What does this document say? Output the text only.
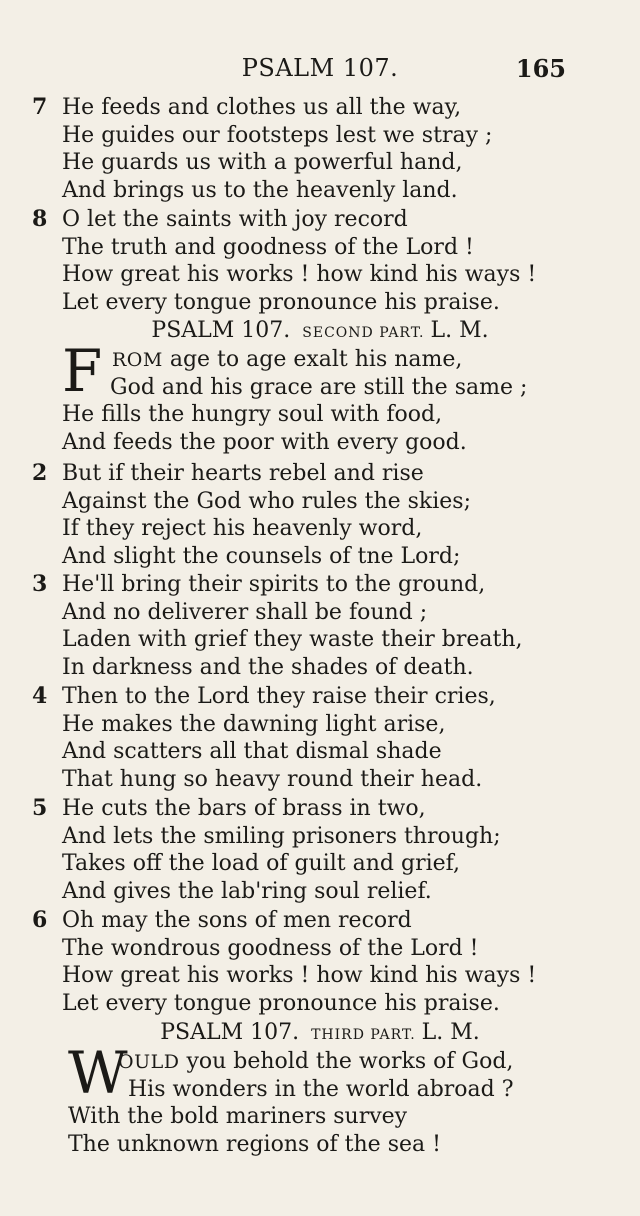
PSALM 107.	165
7 He feeds and clothes us all the way,
He guides our footsteps lest we stray ;
He guards us with a powerful hand,
And brings us to the heavenly land.
8 O let the saints with joy record
The truth and goodness of the Lord !
How great his works ! how kind his ways !
Let every tongue pronounce his praise.
PSALM 107. SECOND PART. L. M.
F ROM age to age exalt his name,
God and his grace are still the same ;
He fills the hungry soul with food,
And feeds the poor with every good.
2 But if their hearts rebel and rise
Against the God who rules the skies;
If they reject his heavenly word,
And slight the counsels of tne Lord;
3 He'll bring their spirits to the ground,
And no deliverer shall be found ;
Laden with grief they waste their breath,
In darkness and the shades of death.
4 Then to the Lord they raise their cries,
He makes the dawning light arise,
And scatters all that dismal shade
That hung so heavy round their head.
5 He cuts the bars of brass in two,
And lets the smiling prisoners through;
Takes off the load of guilt and grief,
And gives the lab'ring soul relief.
6 Oh may the sons of men record
The wondrous goodness of the Lord !
How great his works ! how kind his ways !
Let every tongue pronounce his praise.
PSALM 107. THIRD PART. L. M.
W
OULD you behold the works of God,
His wonders in the world abroad ?
With the bold mariners survey
The unknown regions of the sea !
